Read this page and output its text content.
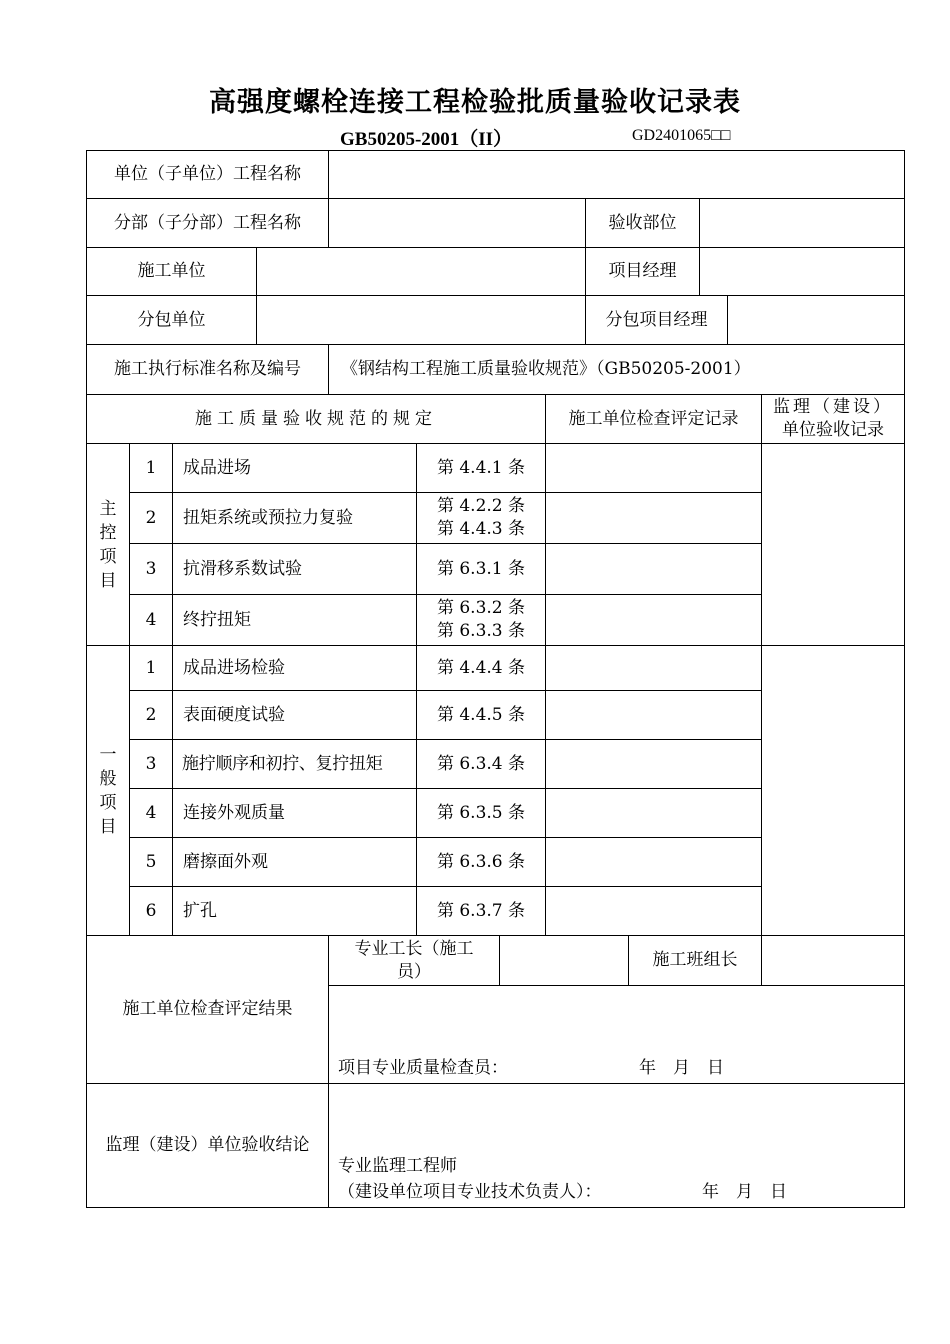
高强度螺栓连接工程检验批质量验收记录表
GB50205-2001（II）	GD2401065□□
单位（子单位）工程名称
分部（子分部）工程名称	验收部位
施工单位	项目经理
分包单位	分包项目经理
施工执行标准名称及编号	《钢结构工程施工质量验收规范》（GB50205-2001）
施工质量验收规范的规定	施工单位检查评定记录
监理（建设）
单位验收记录
主控项目
1	成品进场	第 4.4.1 条
2	扭矩系统或预拉力复验
第 4.2.2 条
第 4.4.3 条
3	抗滑移系数试验	第 6.3.1 条
4	终拧扭矩
第 6.3.2 条
第 6.3.3 条
一般项目
1	成品进场检验	第 4.4.4 条
2	表面硬度试验	第 4.4.5 条
3	施拧顺序和初拧、复拧扭矩	第 6.3.4 条
4	连接外观质量	第 6.3.5 条
5	磨擦面外观	第 6.3.6 条
6	扩孔	第 6.3.7 条
施工单位检查评定结果
专业工长（施工
员）
施工班组长
项目专业质量检查员：	年　月　日
监理（建设）单位验收结论
专业监理工程师
（建设单位项目专业技术负责人）：	年　月　日
